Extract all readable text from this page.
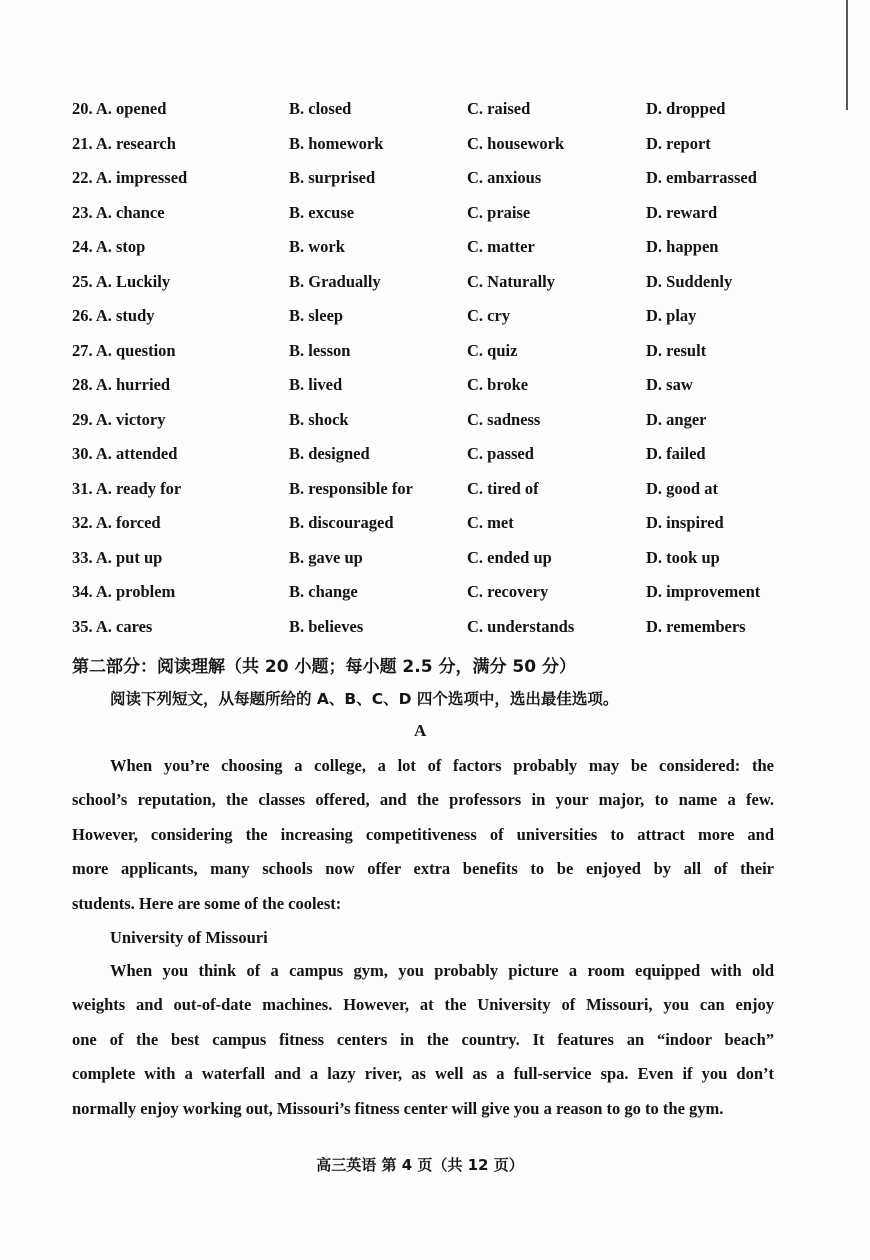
20. A. opened	B. closed	C. raised	D. dropped
21. A. research	B. homework	C. housework	D. report
22. A. impressed	B. surprised	C. anxious	D. embarrassed
23. A. chance	B. excuse	C. praise	D. reward
24. A. stop	B. work	C. matter	D. happen
25. A. Luckily	B. Gradually	C. Naturally	D. Suddenly
26. A. study	B. sleep	C. cry	D. play
27. A. question	B. lesson	C. quiz	D. result
28. A. hurried	B. lived	C. broke	D. saw
29. A. victory	B. shock	C. sadness	D. anger
30. A. attended	B. designed	C. passed	D. failed
31. A. ready for	B. responsible for	C. tired of	D. good at
32. A. forced	B. discouraged	C. met	D. inspired
33. A. put up	B. gave up	C. ended up	D. took up
34. A. problem	B. change	C. recovery	D. improvement
35. A. cares	B. believes	C. understands	D. remembers
第二部分：阅读理解（共 20 小题；每小题 2.5 分，满分 50 分）
阅读下列短文，从每题所给的 A、B、C、D 四个选项中，选出最佳选项。
A
When you’re choosing a college, a lot of factors probably may be considered: the
school’s reputation, the classes offered, and the professors in your major, to name a few.
However, considering the increasing competitiveness of universities to attract more and
more applicants, many schools now offer extra benefits to be enjoyed by all of their
students. Here are some of the coolest:
University of Missouri
When you think of a campus gym, you probably picture a room equipped with old
weights and out-of-date machines. However, at the University of Missouri, you can enjoy
one of the best campus fitness centers in the country. It features an “indoor beach”
complete with a waterfall and a lazy river, as well as a full-service spa. Even if you don’t
normally enjoy working out, Missouri’s fitness center will give you a reason to go to the gym.
高三英语 第 4 页（共 12 页）
